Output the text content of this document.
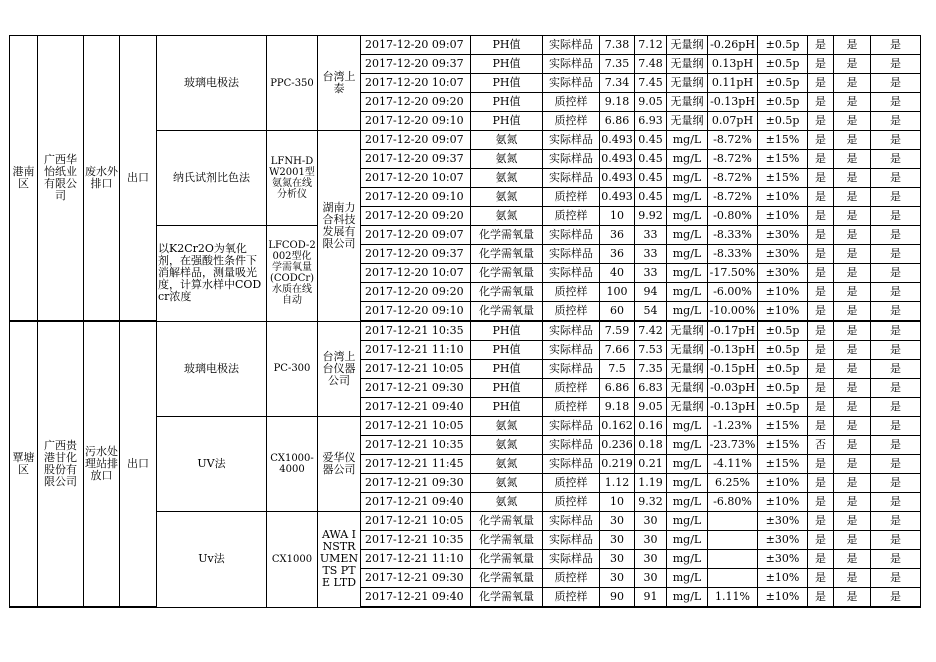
港南区	广西华怡纸业有限公司	废水外排口	出口	玻璃电极法	PPC-350	台湾上泰	2017-12-20 09:07	PH值	实际样品	7.38	7.12	无量纲	-0.26pH	±0.5p	是	是	是
							2017-12-20 09:37	PH值	实际样品	7.35	7.48	无量纲	0.13pH	±0.5p	是	是	是
							2017-12-20 10:07	PH值	实际样品	7.34	7.45	无量纲	0.11pH	±0.5p	是	是	是
							2017-12-20 09:20	PH值	质控样	9.18	9.05	无量纲	-0.13pH	±0.5p	是	是	是
							2017-12-20 09:10	PH值	质控样	6.86	6.93	无量纲	0.07pH	±0.5p	是	是	是
				纳氏试剂比色法	LFNH-DW2001型氨氮在线分析仪	湖南力合科技发展有限公司	2017-12-20 09:07	氨氮	实际样品	0.493	0.45	mg/L	-8.72%	±15%	是	是	是
							2017-12-20 09:37	氨氮	实际样品	0.493	0.45	mg/L	-8.72%	±15%	是	是	是
							2017-12-20 10:07	氨氮	实际样品	0.493	0.45	mg/L	-8.72%	±15%	是	是	是
							2017-12-20 09:10	氨氮	质控样	0.493	0.45	mg/L	-8.72%	±10%	是	是	是
							2017-12-20 09:20	氨氮	质控样	10	9.92	mg/L	-0.80%	±10%	是	是	是
				以K2Cr2O为氧化剂，在强酸性条件下消解样品，测量吸光度，计算水样中CODcr浓度	LFCOD-2002型化学需氧量(CODCr)水质在线自动		2017-12-20 09:07	化学需氧量	实际样品	36	33	mg/L	-8.33%	±30%	是	是	是
							2017-12-20 09:37	化学需氧量	实际样品	36	33	mg/L	-8.33%	±30%	是	是	是
							2017-12-20 10:07	化学需氧量	实际样品	40	33	mg/L	-17.50%	±30%	是	是	是
							2017-12-20 09:20	化学需氧量	质控样	100	94	mg/L	-6.00%	±10%	是	是	是
							2017-12-20 09:10	化学需氧量	质控样	60	54	mg/L	-10.00%	±10%	是	是	是
覃塘区	广西贵港甘化股份有限公司	污水处理站排放口	出口	玻璃电极法	PC-300	台湾上台仪器公司	2017-12-21 10:35	PH值	实际样品	7.59	7.42	无量纲	-0.17pH	±0.5p	是	是	是
							2017-12-21 11:10	PH值	实际样品	7.66	7.53	无量纲	-0.13pH	±0.5p	是	是	是
							2017-12-21 10:05	PH值	实际样品	7.5	7.35	无量纲	-0.15pH	±0.5p	是	是	是
							2017-12-21 09:30	PH值	质控样	6.86	6.83	无量纲	-0.03pH	±0.5p	是	是	是
							2017-12-21 09:40	PH值	质控样	9.18	9.05	无量纲	-0.13pH	±0.5p	是	是	是
				UV法	CX1000-4000	爱华仪器公司	2017-12-21 10:05	氨氮	实际样品	0.162	0.16	mg/L	-1.23%	±15%	是	是	是
							2017-12-21 10:35	氨氮	实际样品	0.236	0.18	mg/L	-23.73%	±15%	否	是	是
							2017-12-21 11:45	氨氮	实际样品	0.219	0.21	mg/L	-4.11%	±15%	是	是	是
							2017-12-21 09:30	氨氮	质控样	1.12	1.19	mg/L	6.25%	±10%	是	是	是
							2017-12-21 09:40	氨氮	质控样	10	9.32	mg/L	-6.80%	±10%	是	是	是
				Uv法	CX1000	AWA INSTRUMENTS PTE LTD	2017-12-21 10:05	化学需氧量	实际样品	30	30	mg/L		±30%	是	是	是
							2017-12-21 10:35	化学需氧量	实际样品	30	30	mg/L		±30%	是	是	是
							2017-12-21 11:10	化学需氧量	实际样品	30	30	mg/L		±30%	是	是	是
							2017-12-21 09:30	化学需氧量	质控样	30	30	mg/L		±10%	是	是	是
							2017-12-21 09:40	化学需氧量	质控样	90	91	mg/L	1.11%	±10%	是	是	是
